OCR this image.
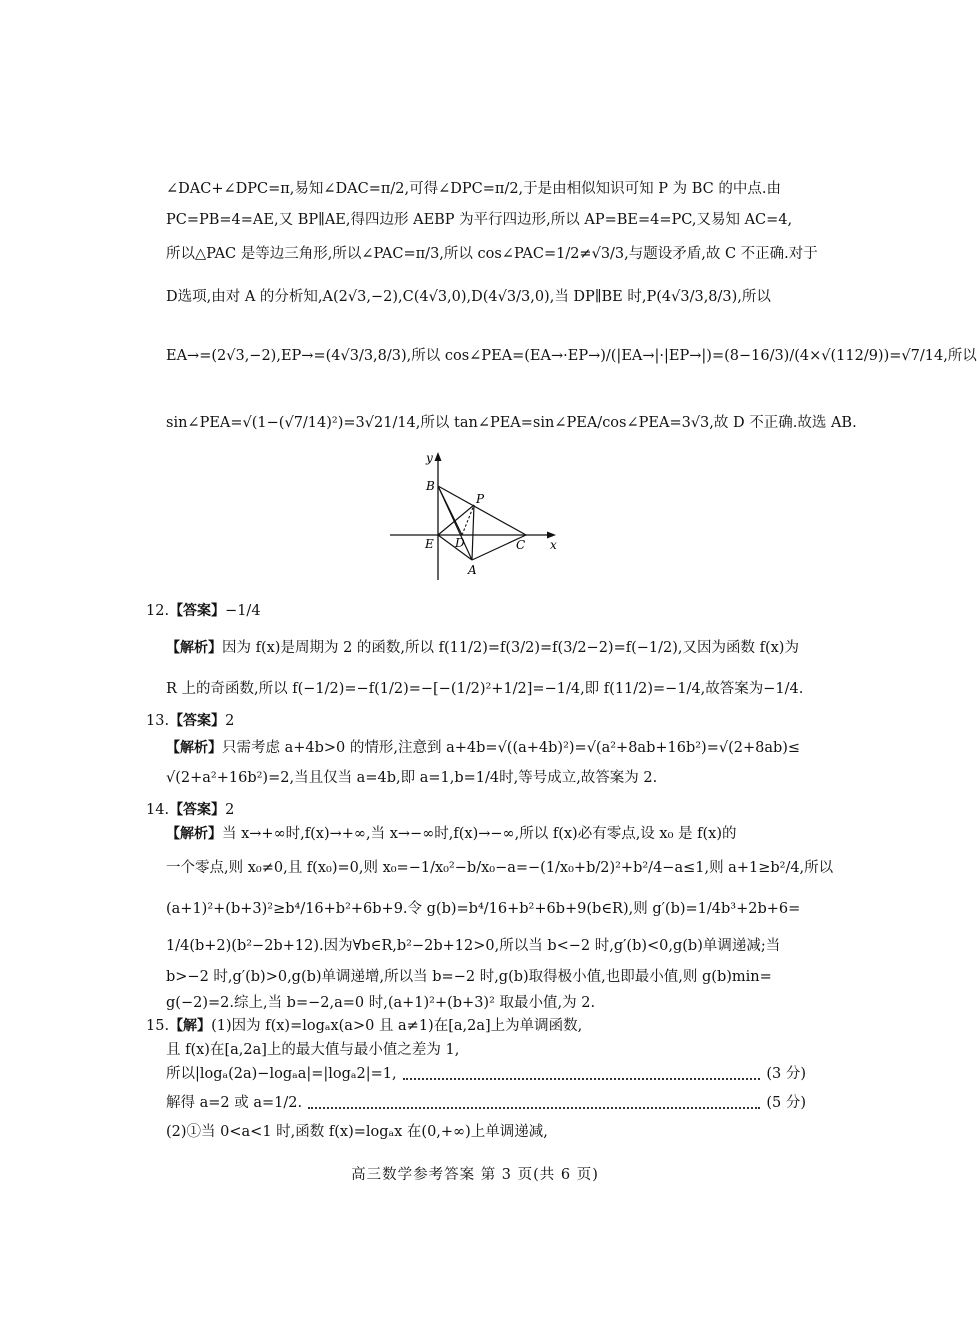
∠DAC+∠DPC=π,易知∠DAC=π/2,可得∠DPC=π/2,于是由相似知识可知 P 为 BC 的中点.由
PC=PB=4=AE,又 BP∥AE,得四边形 AEBP 为平行四边形,所以 AP=BE=4=PC,又易知 AC=4,
所以△PAC 是等边三角形,所以∠PAC=π/3,所以 cos∠PAC=1/2≠√3/3,与题设矛盾,故 C 不正确.对于
D选项,由对 A 的分析知,A(2√3,−2),C(4√3,0),D(4√3/3,0),当 DP∥BE 时,P(4√3/3,8/3),所以
EA→=(2√3,−2),EP→=(4√3/3,8/3),所以 cos∠PEA=(EA→·EP→)/(|EA→|·|EP→|)=(8−16/3)/(4×√(112/9))=√7/14,所以
sin∠PEA=√(1−(√7/14)²)=3√21/14,所以 tan∠PEA=sin∠PEA/cos∠PEA=3√3,故 D 不正确.故选 AB.
y
x
B
P
E D	C
A
12.【答案】−1/4
【解析】因为 f(x)是周期为 2 的函数,所以 f(11/2)=f(3/2)=f(3/2−2)=f(−1/2),又因为函数 f(x)为
R 上的奇函数,所以 f(−1/2)=−f(1/2)=−[−(1/2)²+1/2]=−1/4,即 f(11/2)=−1/4,故答案为−1/4.
13.【答案】2
【解析】只需考虑 a+4b>0 的情形,注意到 a+4b=√((a+4b)²)=√(a²+8ab+16b²)=√(2+8ab)≤
√(2+a²+16b²)=2,当且仅当 a=4b,即 a=1,b=1/4时,等号成立,故答案为 2.
14.【答案】2
【解析】当 x→+∞时,f(x)→+∞,当 x→−∞时,f(x)→−∞,所以 f(x)必有零点,设 x₀ 是 f(x)的
一个零点,则 x₀≠0,且 f(x₀)=0,则 x₀=−1/x₀²−b/x₀−a=−(1/x₀+b/2)²+b²/4−a≤1,则 a+1≥b²/4,所以
(a+1)²+(b+3)²≥b⁴/16+b²+6b+9.令 g(b)=b⁴/16+b²+6b+9(b∈R),则 g′(b)=1/4b³+2b+6=
1/4(b+2)(b²−2b+12).因为∀b∈R,b²−2b+12>0,所以当 b<−2 时,g′(b)<0,g(b)单调递减;当
b>−2 时,g′(b)>0,g(b)单调递增,所以当 b=−2 时,g(b)取得极小值,也即最小值,则 g(b)min=
g(−2)=2.综上,当 b=−2,a=0 时,(a+1)²+(b+3)² 取最小值,为 2.
15.【解】(1)因为 f(x)=logₐx(a>0 且 a≠1)在[a,2a]上为单调函数,
且 f(x)在[a,2a]上的最大值与最小值之差为 1,
所以|logₐ(2a)−logₐa|=|logₐ2|=1,	(3 分)
解得 a=2 或 a=1/2.	(5 分)
(2)①当 0<a<1 时,函数 f(x)=logₐx 在(0,+∞)上单调递减,
高三数学参考答案 第 3 页(共 6 页)
